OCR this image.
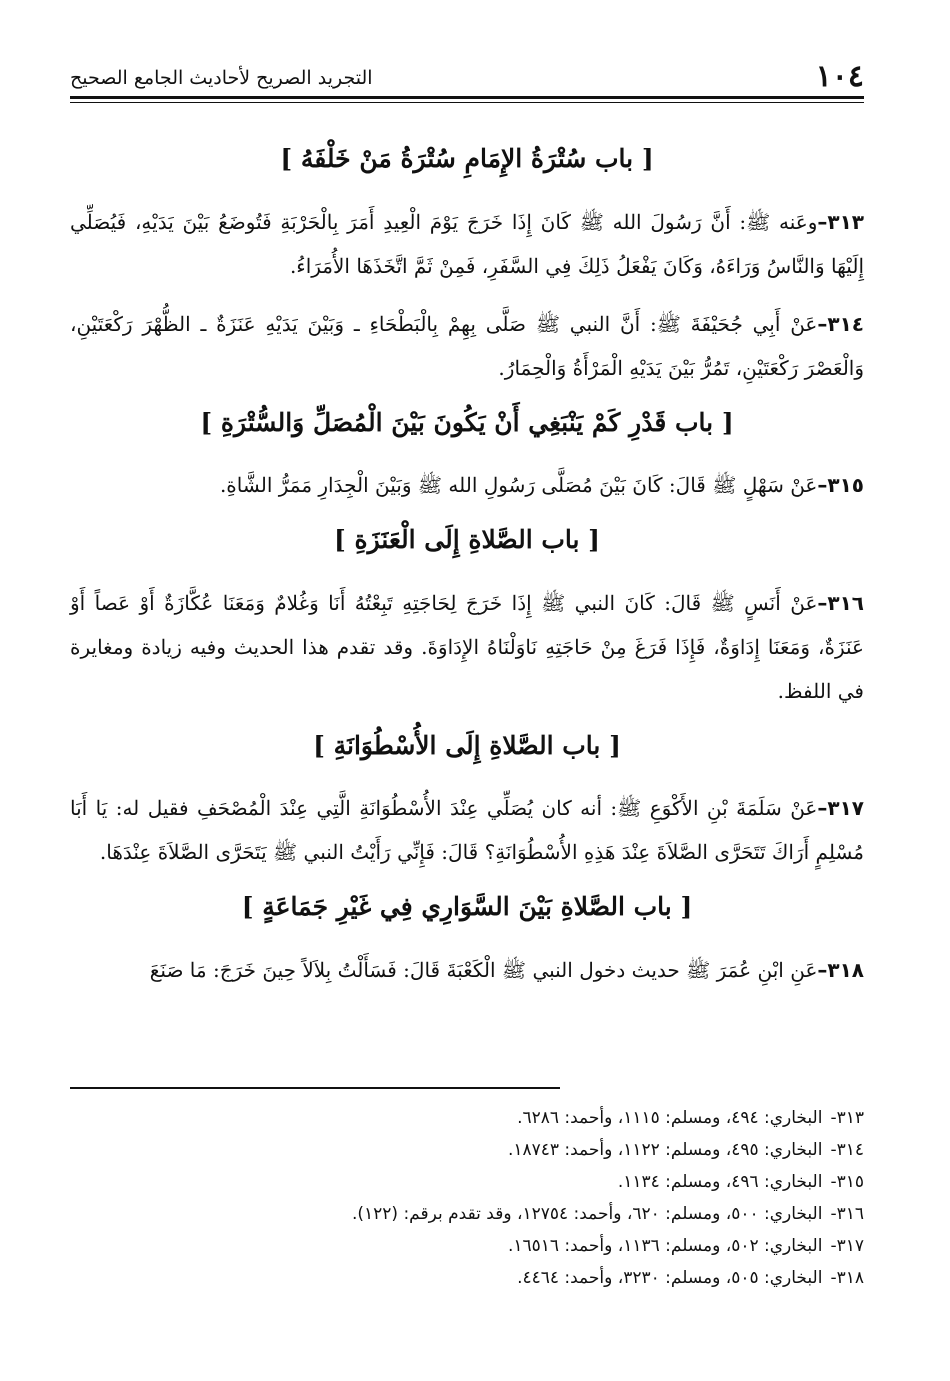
١٠٤
التجريد الصريح لأحاديث الجامع الصحيح
[ باب سُتْرَةُ الإِمَامِ سُتْرَةُ مَنْ خَلْفَهُ ]

٣١٣ –وعَنه ﷺ: أَنَّ رَسُولَ الله ﷺ كَانَ إِذَا خَرَجَ يَوْمَ الْعِيدِ أَمَرَ بِالْحَرْبَةِ فَتُوضَعُ بَيْنَ يَدَيْهِ، فَيُصَلِّي إِلَيْهَا وَالنَّاسُ وَرَاءَهُ، وَكَانَ يَفْعَلُ ذَلِكَ فِي السَّفَرِ، فَمِنْ ثَمَّ اتَّخَذَهَا الأُمَرَاءُ.

٣١٤ –عَنْ أَبِي جُحَيْفَةَ ﷺ: أَنَّ النبي ﷺ صَلَّى بِهِمْ بِالْبَطْحَاءِ ـ وَبَيْنَ يَدَيْهِ عَنَزَةٌ ـ الظُّهْرَ رَكْعَتَيْنِ، وَالْعَصْرَ رَكْعَتَيْنِ، تَمُرُّ بَيْنَ يَدَيْهِ الْمَرْأَةُ وَالْحِمَارُ.

[ باب قَدْرِ كَمْ يَنْبَغِي أَنْ يَكُونَ بَيْنَ الْمُصَلِّ وَالسُّتْرَةِ ]

٣١٥ –عَنْ سَهْلٍ ﷺ قَالَ: كَانَ بَيْنَ مُصَلَّى رَسُولِ الله ﷺ وَبَيْنَ الْجِدَارِ مَمَرُّ الشَّاةِ.

[ باب الصَّلاةِ إِلَى الْعَنَزَةِ ]

٣١٦ –عَنْ أَنَسٍ ﷺ قَالَ: كَانَ النبي ﷺ إِذَا خَرَجَ لِحَاجَتِهِ تَبِعْتُهُ أَنَا وَغُلامٌ وَمَعَنَا عُكَّازَةٌ أَوْ عَصاً أَوْ عَنَزَةٌ، وَمَعَنَا إِدَاوَةٌ، فَإِذَا فَرَغَ مِنْ حَاجَتِهِ نَاوَلْنَاهُ الإِدَاوَةَ. وقد تقدم هذا الحديث وفيه زيادة ومغايرة في اللفظ.

[ باب الصَّلاةِ إِلَى الأُسْطُوَانَةِ ]

٣١٧ –عَنْ سَلَمَةَ بْنِ الأَكْوَعِ ﷺ: أنه كان يُصَلِّي عِنْدَ الأُسْطُوَانَةِ الَّتِي عِنْدَ الْمُصْحَفِ فقيل له: يَا أَبَا مُسْلِمٍ أَرَاكَ تَتَحَرَّى الصَّلاَةَ عِنْدَ هَذِهِ الأُسْطُوَانَةِ؟ قَالَ: فَإِنِّي رَأَيْتُ النبي ﷺ يَتَحَرَّى الصَّلاَةَ عِنْدَهَا.

[ باب الصَّلاةِ بَيْنَ السَّوَارِي فِي غَيْرِ جَمَاعَةٍ ]

٣١٨ –عَنِ ابْنِ عُمَرَ ﷺ حديث دخول النبي ﷺ الْكَعْبَةَ قَالَ: فَسَأَلْتُ بِلاَلاً حِينَ خَرَجَ: مَا صَنَعَ

٣١٣-البخاري: ٤٩٤، ومسلم: ١١١٥، وأحمد: ٦٢٨٦.
٣١٤-البخاري: ٤٩٥، ومسلم: ١١٢٢، وأحمد: ١٨٧٤٣.
٣١٥-البخاري: ٤٩٦، ومسلم: ١١٣٤.
٣١٦-البخاري: ٥٠٠، ومسلم: ٦٢٠، وأحمد: ١٢٧٥٤، وقد تقدم برقم: (١٢٢).
٣١٧-البخاري: ٥٠٢، ومسلم: ١١٣٦، وأحمد: ١٦٥١٦.
٣١٨-البخاري: ٥٠٥، ومسلم: ٣٢٣٠، وأحمد: ٤٤٦٤.
